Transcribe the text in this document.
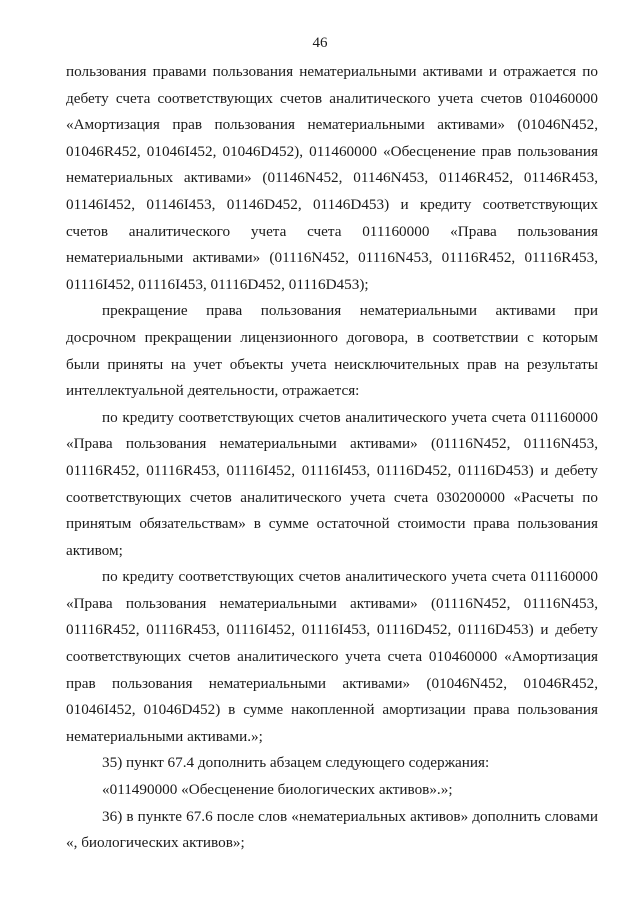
46

пользования правами пользования нематериальными активами и отражается по дебету счета соответствующих счетов аналитического учета счетов 010460000 «Амортизация прав пользования нематериальными активами» (01046N452, 01046R452, 01046I452, 01046D452), 011460000 «Обесценение прав пользования нематериальных активами» (01146N452, 01146N453, 01146R452, 01146R453, 01146I452, 01146I453, 01146D452, 01146D453) и кредиту соответствующих счетов аналитического учета счета 011160000 «Права пользования нематериальными активами» (01116N452, 01116N453, 01116R452, 01116R453, 01116I452, 01116I453, 01116D452, 01116D453);

прекращение права пользования нематериальными активами при досрочном прекращении лицензионного договора, в соответствии с которым были приняты на учет объекты учета неисключительных прав на результаты интеллектуальной деятельности, отражается:

по кредиту соответствующих счетов аналитического учета счета 011160000 «Права пользования нематериальными активами» (01116N452, 01116N453, 01116R452, 01116R453, 01116I452, 01116I453, 01116D452, 01116D453) и дебету соответствующих счетов аналитического учета счета 030200000 «Расчеты по принятым обязательствам» в сумме остаточной стоимости права пользования активом;

по кредиту соответствующих счетов аналитического учета счета 011160000 «Права пользования нематериальными активами» (01116N452, 01116N453, 01116R452, 01116R453, 01116I452, 01116I453, 01116D452, 01116D453) и дебету соответствующих счетов аналитического учета счета 010460000 «Амортизация прав пользования нематериальными активами» (01046N452, 01046R452, 01046I452, 01046D452) в сумме накопленной амортизации права пользования нематериальными активами.»;

35) пункт 67.4 дополнить абзацем следующего содержания:

«011490000 «Обесценение биологических активов».»;

36) в пункте 67.6 после слов «нематериальных активов» дополнить словами «, биологических активов»;
